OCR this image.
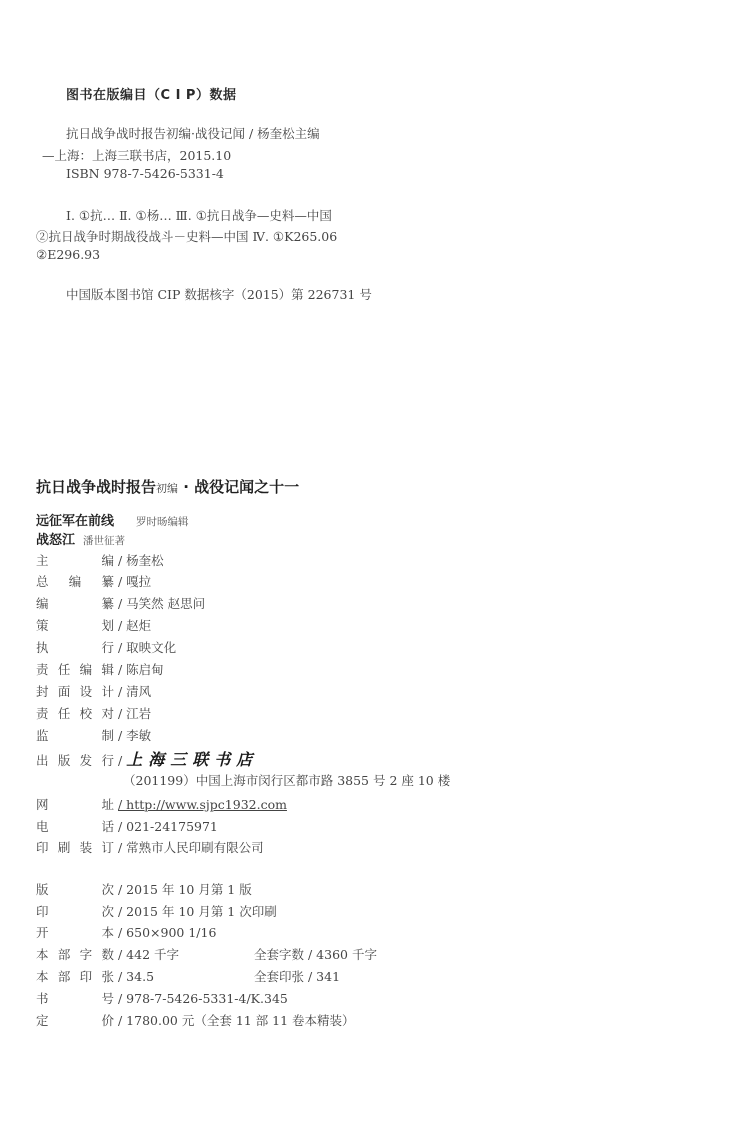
图书在版编目（C I P）数据
抗日战争战时报告初编·战役记闻 / 杨奎松主编
—上海：上海三联书店，2015.10
ISBN 978-7-5426-5331-4
Ⅰ. ①抗… Ⅱ. ①杨… Ⅲ. ①抗日战争—史料—中国
②抗日战争时期战役战斗－史料—中国 Ⅳ. ①K265.06
②E296.93
中国版本图书馆 CIP 数据核字（2015）第 226731 号
抗日战争战时报告初编 · 战役记闻之十一
远征军在前线 罗时旸编辑
战怒江 潘世征著
主编 / 杨奎松
总编纂 / 嘎拉
编纂 / 马笑然 赵思问
策划 / 赵炬
执行 / 取映文化
责任编辑 / 陈启甸
封面设计 / 清风
责任校对 / 江岩
监制 / 李敏
出版发行 / 上海三联书店
（201199）中国上海市闵行区都市路 3855 号 2 座 10 楼
网址 / http://www.sjpc1932.com
电话 / 021-24175971
印刷装订 / 常熟市人民印刷有限公司
版次 / 2015 年 10 月第 1 版
印次 / 2015 年 10 月第 1 次印刷
开本 / 650×900 1/16
本部字数 / 442 千字	全套字数 / 4360 千字
本部印张 / 34.5	全套印张 / 341
书号 / 978-7-5426-5331-4/K.345
定价 / 1780.00 元（全套 11 部 11 卷本精装）
